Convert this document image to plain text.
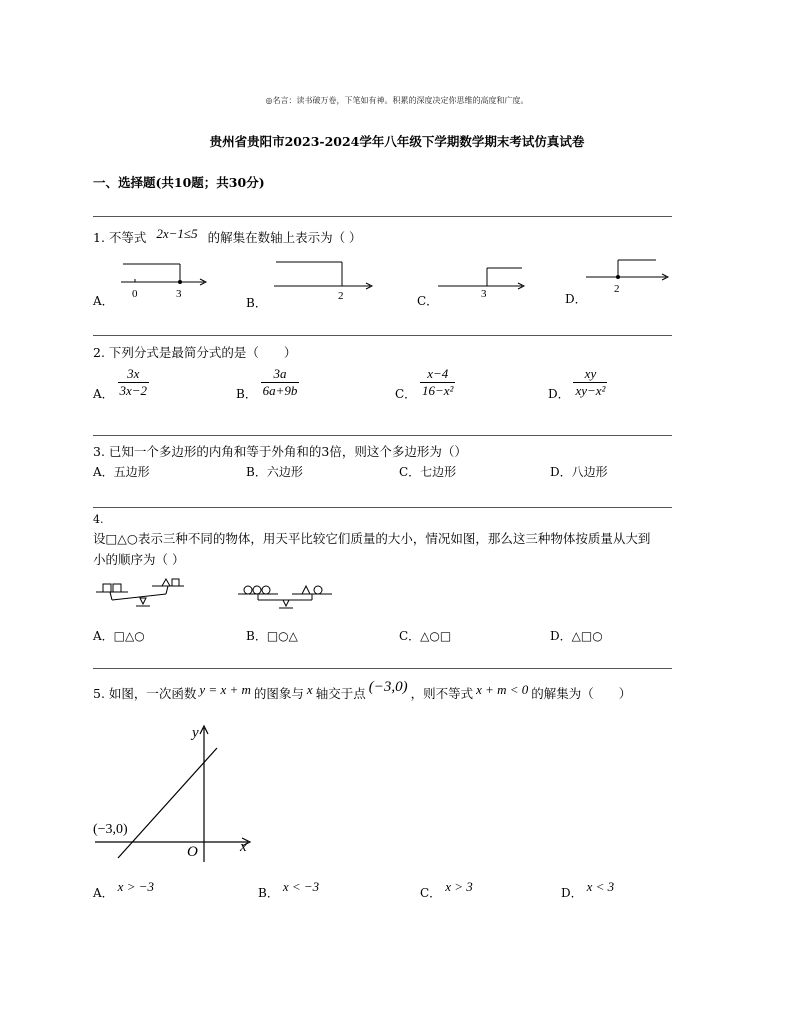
◎名言：读书破万卷，下笔如有神。积累的深度决定你思维的高度和广度。
贵州省贵阳市2023-2024学年八年级下学期数学期末考试仿真试卷
一、选择题(共10题；共30分)
1. 不等式 2x−1≤5 的解集在数轴上表示为（ ）
A． 0	3
B．	2	C．	3	D．
2
2. 下列分式是最简分式的是（　　）
A． $\frac{3x}{3x-2}$	B． $\frac{3a}{6a+9b}$	C． $\frac{x-4}{\text{16−x²}}$	D． $\frac{xy}{\text{xy−x²}}$
3. 已知一个多边形的内角和等于外角和的3倍，则这个多边形为（）
A．五边形	B．六边形	C．七边形	D．八边形
4.
设□△○表示三种不同的物体，用天平比较它们质量的大小，情况如图，那么这三种物体按质量从大到
小的顺序为（ ）
A．□△○	B．□○△	C．△○□	D．△□○
5. 如图，一次函数 y = x + m 的图象与 x 轴交于点 (−3,0) ，则不等式 x + m < 0 的解集为（　　）
y
x
O
(−3,0)
A． x > −3	B． x < −3	C． x > 3	D． x < 3
